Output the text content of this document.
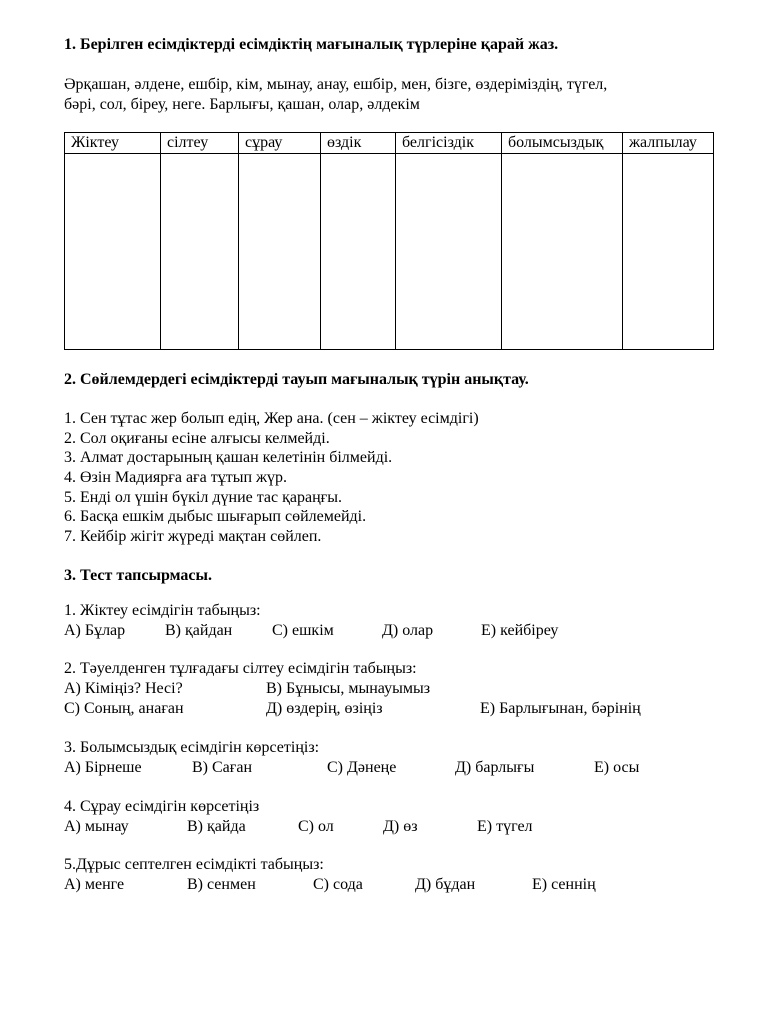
1. Берілген есімдіктерді есімдіктің мағыналық түрлеріне қарай жаз.
Әрқашан, әлдене, ешбір, кім, мынау, анау, ешбір, мен, бізге, өздеріміздің, түгел,
бәрі, сол, біреу, неге. Барлығы, қашан, олар, әлдекім
Жіктеу	сілтеу	сұрау	өздік	белгісіздік	болымсыздық	жалпылау

2. Сөйлемдердегі есімдіктерді тауып мағыналық түрін анықтау.
1. Сен тұтас жер болып едің, Жер ана. (сен – жіктеу есімдігі)
2. Сол оқиғаны есіне алғысы келмейді.
3. Алмат достарының қашан келетінін білмейді.
4. Өзін Мадиярға аға тұтып жүр.
5. Енді ол үшін бүкіл дүние тас қараңғы.
6. Басқа ешкім дыбыс шығарып сөйлемейді.
7. Кейбір жігіт жүреді мақтан сөйлеп.
3. Тест тапсырмасы.
1. Жіктеу есімдігін табыңыз:
А) Бұлар В) қайдан С) ешкім	Д) олар	Е) кейбіреу
2. Тәуелденген тұлғадағы сілтеу есімдігін табыңыз:
А) Кіміңіз? Несі?	В) Бұнысы, мынауымыз
С) Соның, анаған	Д) өздерің, өзіңіз	Е) Барлығынан, бәрінің
3. Болымсыздық есімдігін көрсетіңіз:
А) Бірнеше	В) Саған	С) Дәнеңе	Д) барлығы	Е) осы
4. Сұрау есімдігін көрсетіңіз
А) мынау	В) қайда	С) ол	Д) өз	Е) түгел
5.Дұрыс септелген есімдікті табыңыз:
А) менге	В) сенмен	С) сода	Д) бұдан	Е) сеннің
